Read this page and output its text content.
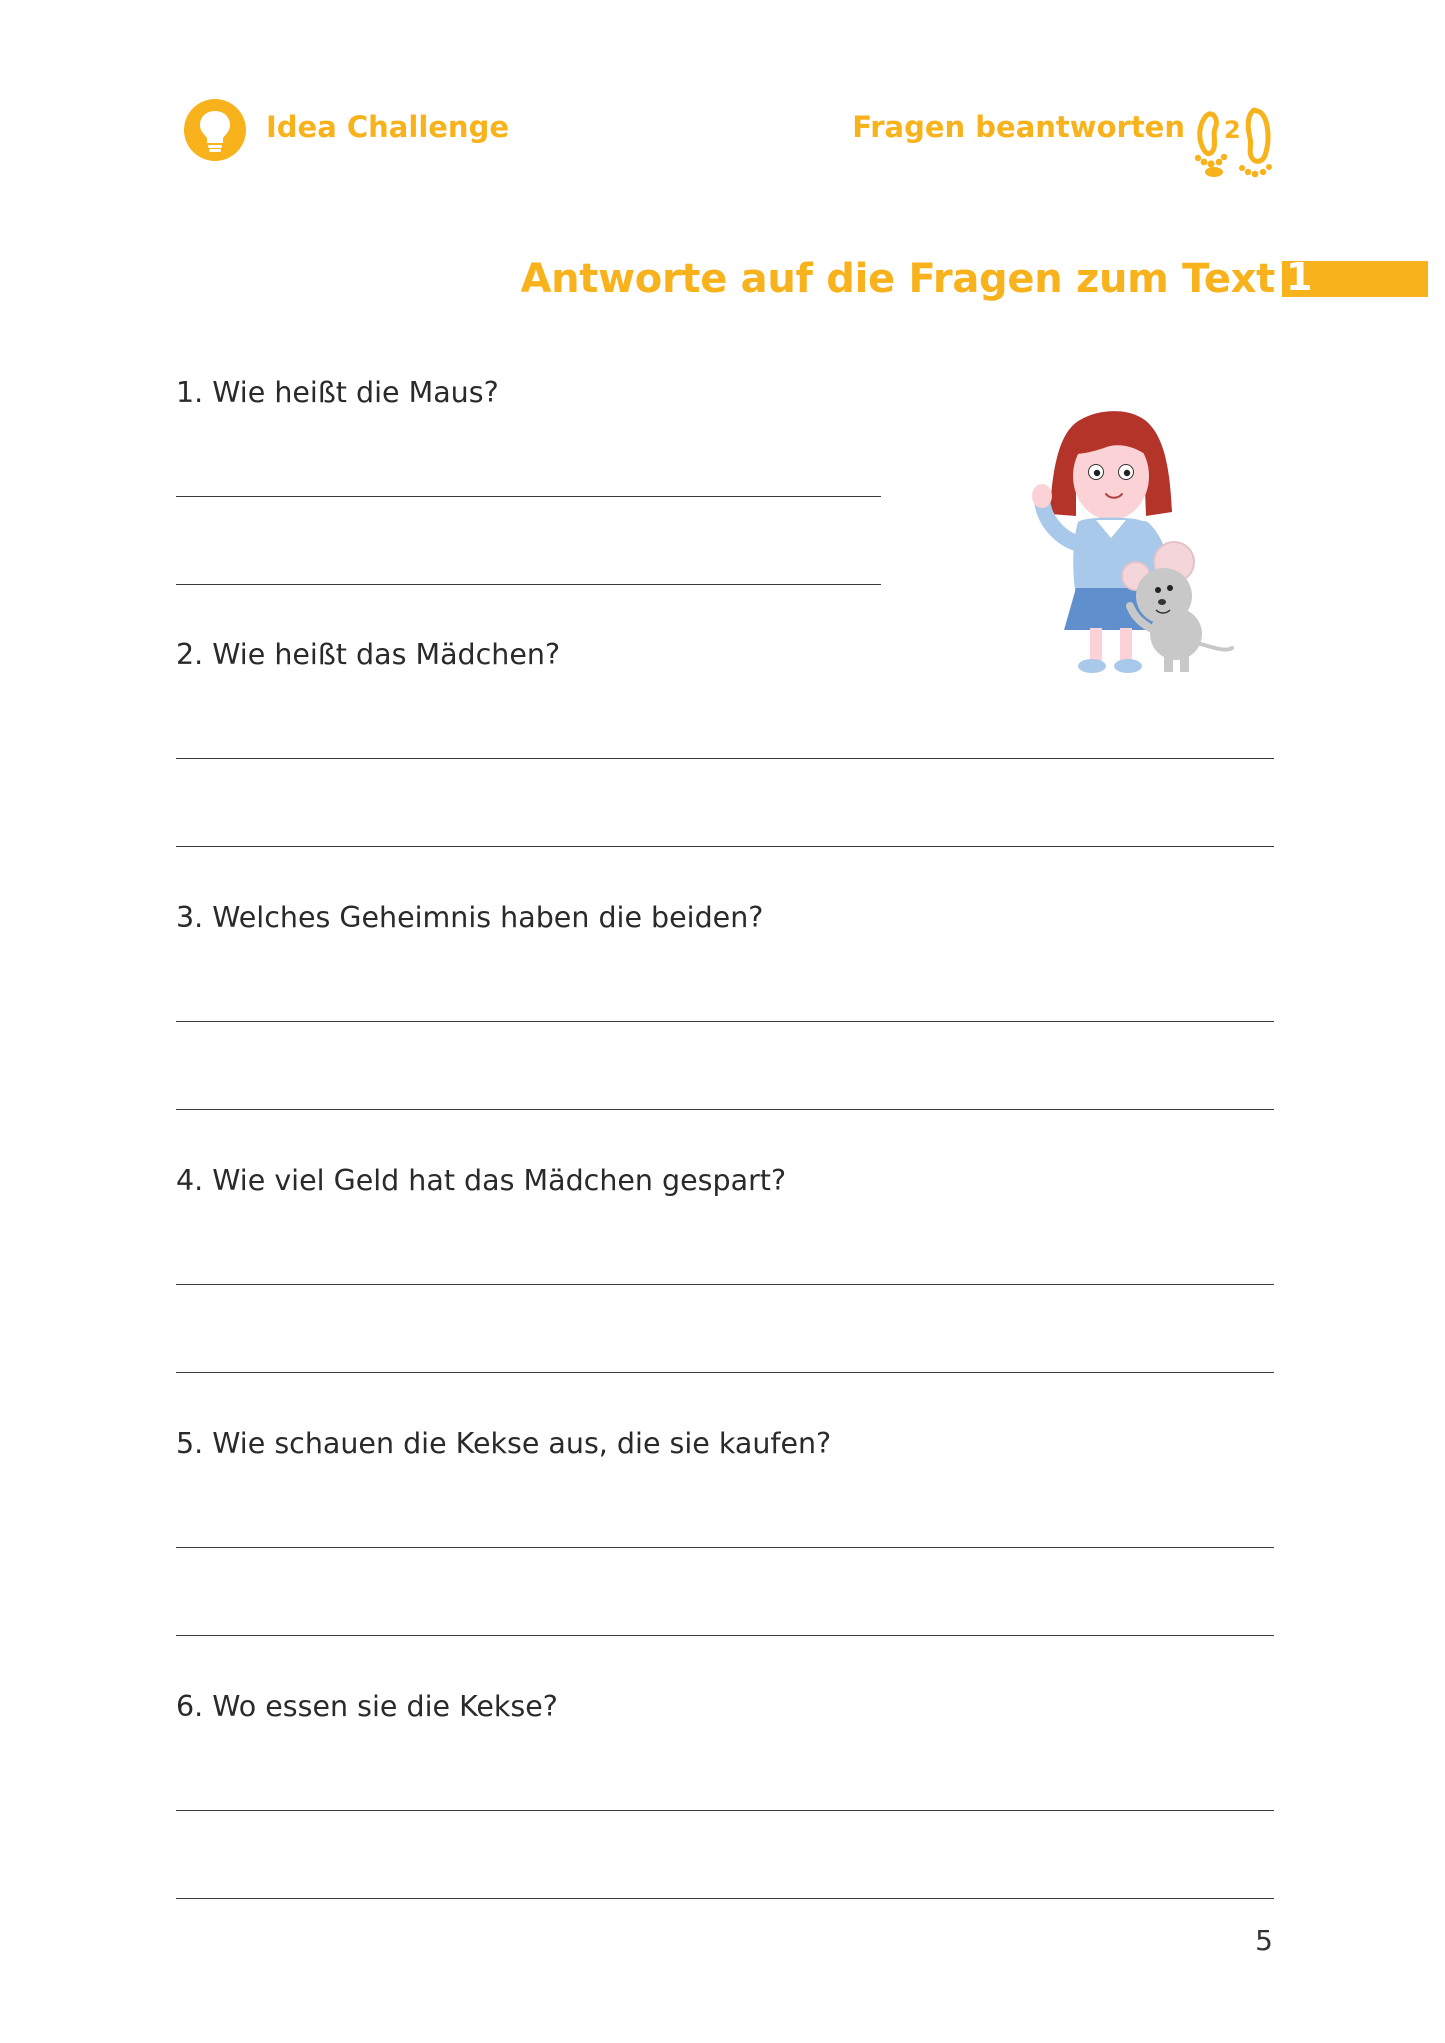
Idea Challenge	Fragen beantworten 2
Antworte auf die Fragen zum Text 1
1. Wie heißt die Maus?
2. Wie heißt das Mädchen?
3. Welches Geheimnis haben die beiden?
4. Wie viel Geld hat das Mädchen gespart?
5. Wie schauen die Kekse aus, die sie kaufen?
6. Wo essen sie die Kekse?
5
